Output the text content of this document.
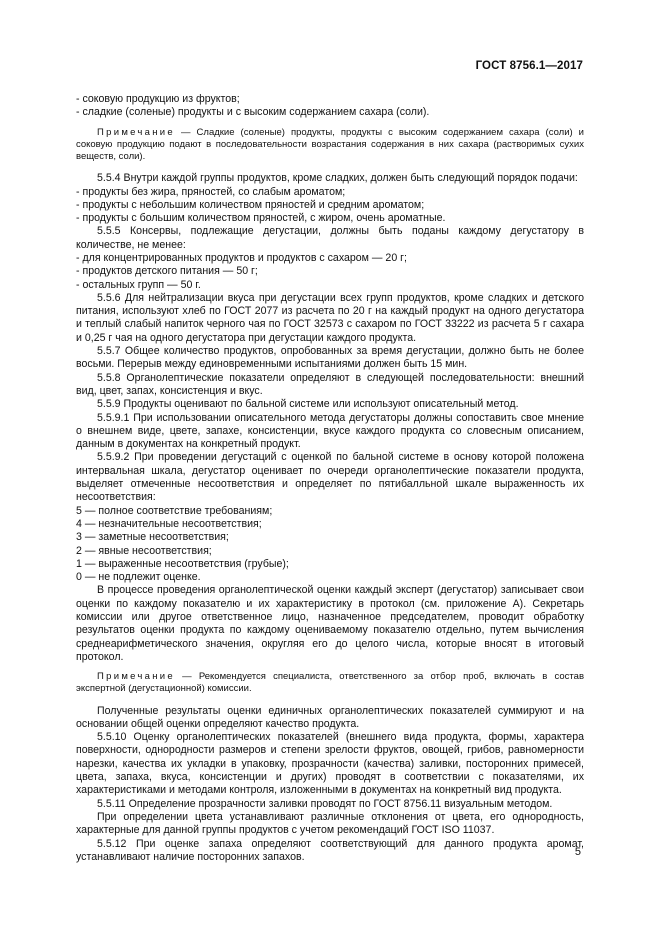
ГОСТ 8756.1—2017

- соковую продукцию из фруктов;

- сладкие (соленые) продукты и с высоким содержанием сахара (соли).

Примечание — Сладкие (соленые) продукты, продукты с высоким содержанием сахара (соли) и соковую продукцию подают в последовательности возрастания содержания в них сахара (растворимых сухих веществ, соли).

5.5.4 Внутри каждой группы продуктов, кроме сладких, должен быть следующий порядок подачи:

- продукты без жира, пряностей, со слабым ароматом;

- продукты с небольшим количеством пряностей и средним ароматом;

- продукты с большим количеством пряностей, с жиром, очень ароматные.

5.5.5 Консервы, подлежащие дегустации, должны быть поданы каждому дегустатору в количестве, не менее:

- для концентрированных продуктов и продуктов с сахаром — 20 г;

- продуктов детского питания — 50 г;

- остальных групп — 50 г.

5.5.6 Для нейтрализации вкуса при дегустации всех групп продуктов, кроме сладких и детского питания, используют хлеб по ГОСТ 2077 из расчета по 20 г на каждый продукт на одного дегустатора и теплый слабый напиток черного чая по ГОСТ 32573 с сахаром по ГОСТ 33222 из расчета 5 г сахара и 0,25 г чая на одного дегустатора при дегустации каждого продукта.

5.5.7 Общее количество продуктов, опробованных за время дегустации, должно быть не более восьми. Перерыв между единовременными испытаниями должен быть 15 мин.

5.5.8 Органолептические показатели определяют в следующей последовательности: внешний вид, цвет, запах, консистенция и вкус.

5.5.9 Продукты оценивают по бальной системе или используют описательный метод.

5.5.9.1 При использовании описательного метода дегустаторы должны сопоставить свое мнение о внешнем виде, цвете, запахе, консистенции, вкусе каждого продукта со словесным описанием, данным в документах на конкретный продукт.

5.5.9.2 При проведении дегустаций с оценкой по бальной системе в основу которой положена интервальная шкала, дегустатор оценивает по очереди органолептические показатели продукта, выделяет отмеченные несоответствия и определяет по пятибалльной шкале выраженность их несоответствия:

5 — полное соответствие требованиям;

4 — незначительные несоответствия;

3 — заметные несоответствия;

2 — явные несоответствия;

1 — выраженные несоответствия (грубые);

0 — не подлежит оценке.

В процессе проведения органолептической оценки каждый эксперт (дегустатор) записывает свои оценки по каждому показателю и их характеристику в протокол (см. приложение А). Секретарь комиссии или другое ответственное лицо, назначенное председателем, проводит обработку результатов оценки продукта по каждому оцениваемому показателю отдельно, путем вычисления среднеарифметического значения, округляя его до целого числа, которые вносят в итоговый протокол.

Примечание — Рекомендуется специалиста, ответственного за отбор проб, включать в состав экспертной (дегустационной) комиссии.

Полученные результаты оценки единичных органолептических показателей суммируют и на основании общей оценки определяют качество продукта.

5.5.10 Оценку органолептических показателей (внешнего вида продукта, формы, характера поверхности, однородности размеров и степени зрелости фруктов, овощей, грибов, равномерности нарезки, качества их укладки в упаковку, прозрачности (качества) заливки, посторонних примесей, цвета, запаха, вкуса, консистенции и других) проводят в соответствии с показателями, их характеристиками и методами контроля, изложенными в документах на конкретный вид продукта.

5.5.11 Определение прозрачности заливки проводят по ГОСТ 8756.11 визуальным методом.

При определении цвета устанавливают различные отклонения от цвета, его однородность, характерные для данной группы продуктов с учетом рекомендаций ГОСТ ISO 11037.

5.5.12 При оценке запаха определяют соответствующий для данного продукта аромат, устанавливают наличие посторонних запахов.	5
